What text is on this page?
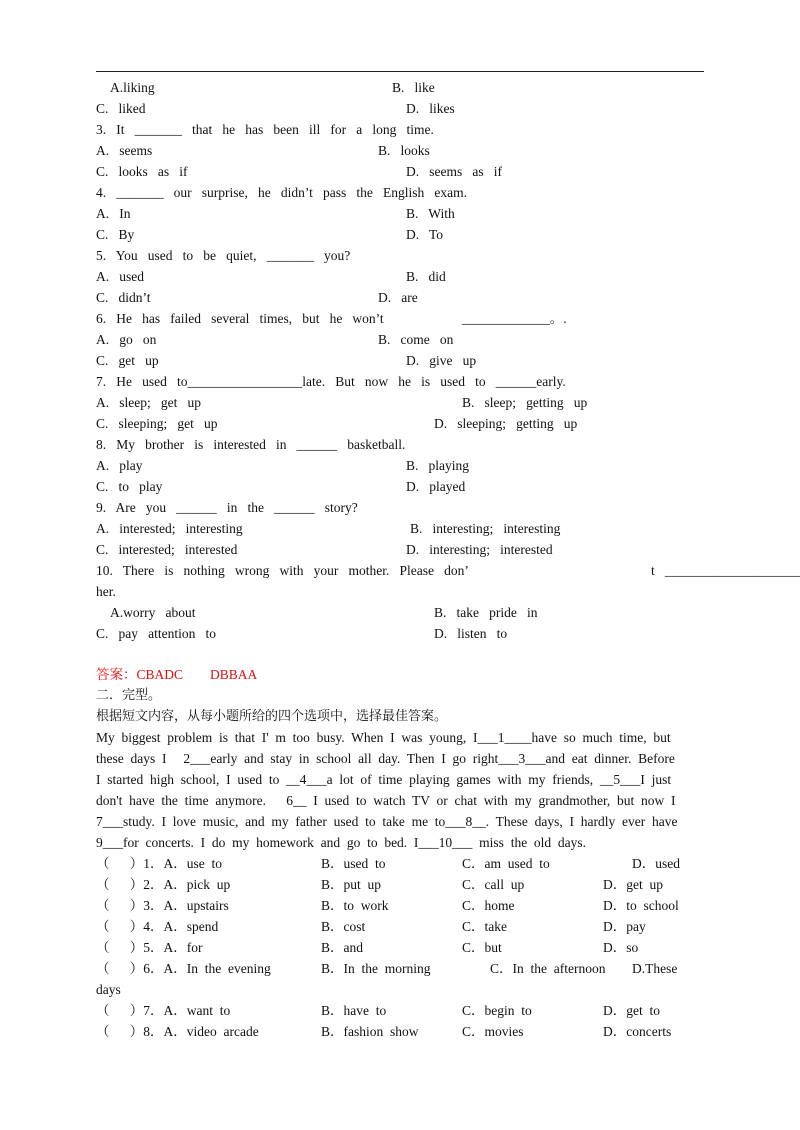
A.liking	B.   like
C.   liked	D.   likes
3.   It   _______   that   he   has   been   ill   for   a   long   time.
A.   seems	B.   looks
C.   looks   as   if	D.   seems   as   if
4.   _______   our   surprise,   he   didn’t   pass   the   English   exam.
A.   In	B.   With
C.   By	D.   To
5.   You   used   to   be   quiet,   _______   you?
A.   used	B.   did
C.   didn’t	D.   are
6.   He   has   failed   several   times,   but   he   won’t	_____________。.
A.   go   on	B.   come   on
C.   get   up	D.   give   up
7.   He   used   to_________________late.   But   now   he   is   used   to   ______early.
A.   sleep;   get   up	B.   sleep;   getting   up
C.   sleeping;   get   up	D.   sleeping;   getting   up
8.   My   brother   is   interested   in   ______   basketball.
A.   play	B.   playing
C.   to   play	D.   played
9.   Are   you   ______   in   the   ______   story?
A.   interested;   interesting	B.   interesting;   interesting
C.   interested;   interested	D.   interesting;   interested
10.   There   is   nothing   wrong   with   your   mother.   Please   don’	t   ____________________
her.
A.worry   about	B.   take   pride   in
C.   pay   attention   to	D.   listen   to
答案：CBADC        DBBAA
二．完型。
根据短文内容，从每小题所给的四个选项中，选择最佳答案。
My  biggest  problem  is  that  I'  m  too  busy.  When  I  was  young,  I___1____have  so  much  time,  but
these  days  I     2___early  and  stay  in  school  all  day.  Then  I  go  right___3___and  eat  dinner.  Before
I  started  high  school,  I  used  to  __4___a  lot  of  time  playing  games  with  my  friends,  __5___I  just
don't  have  the  time  anymore.      6__  I  used  to  watch  TV  or  chat  with  my  grandmother,  but  now  I
7___study.  I  love  music,  and  my  father  used  to  take  me  to___8__.  These  days,  I  hardly  ever  have
9___for  concerts.  I  do  my  homework  and  go  to  bed.  I___10___  miss  the  old  days.
（      ）1．A．use  to	B．used  to	C．am  used  to	D．used
（      ）2．A．pick  up	B．put  up	C．call  up	D．get  up
（      ）3．A．upstairs	B．to  work	C．home	D．to  school
（      ）4．A．spend	B．cost	C．take	D．pay
（      ）5．A．for	B．and	C．but	D．so
（      ）6．A．In  the  evening	B．In  the  morning	C．In  the  afternoon D.These
days
（      ）7．A．want  to	B．have  to	C．begin  to	D．get  to
（      ）8．A．video  arcade	B．fashion  show	C．movies	D．concerts
